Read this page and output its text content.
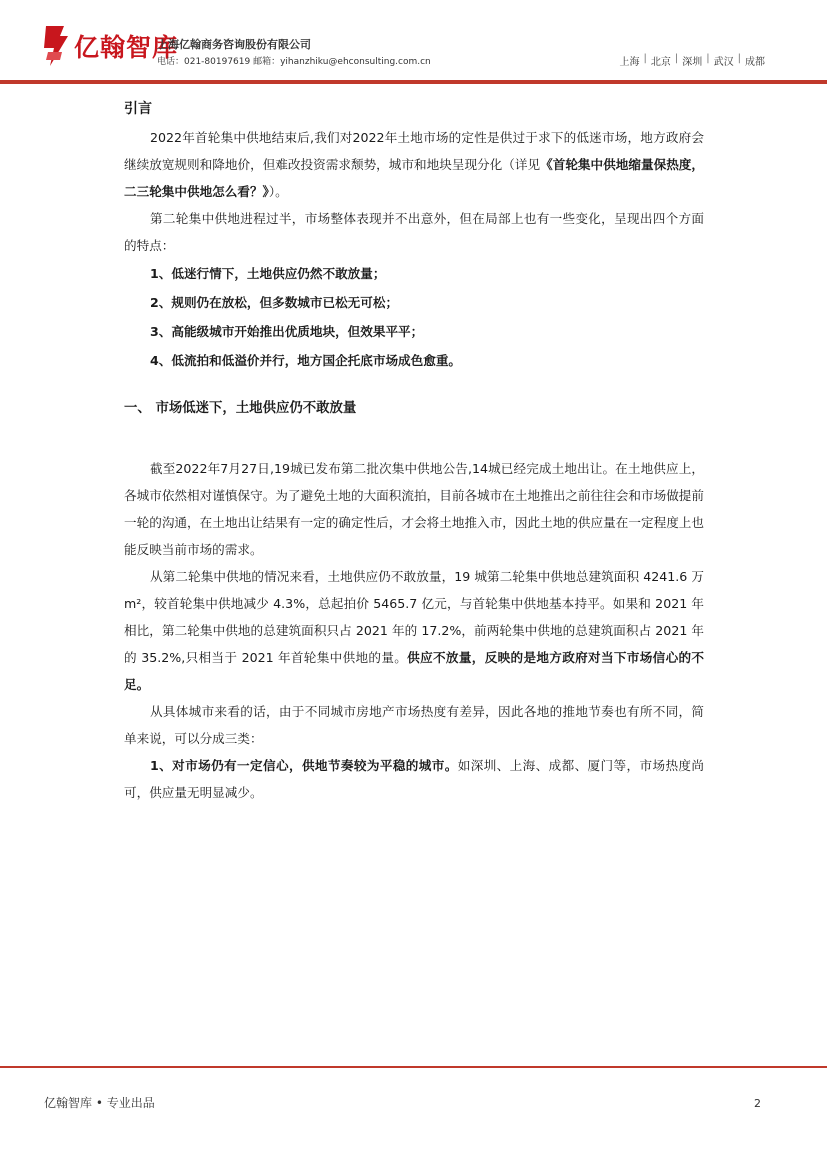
亿翰智库
上海亿翰商务咨询股份有限公司
电话：021-80197619 邮箱：yihanzhiku@ehconsulting.com.cn	上海 | 北京 | 深圳 | 武汉 | 成都
引言

2022年首轮集中供地结束后,我们对2022年土地市场的定性是供过于求下的低迷市场，地方政府会继续放宽规则和降地价，但难改投资需求颓势，城市和地块呈现分化（详见《首轮集中供地缩量保热度，二三轮集中供地怎么看？》）。

第二轮集中供地进程过半，市场整体表现并不出意外，但在局部上也有一些变化，呈现出四个方面的特点：

1、低迷行情下，土地供应仍然不敢放量；

2、规则仍在放松，但多数城市已松无可松；

3、高能级城市开始推出优质地块，但效果平平；

4、低流拍和低溢价并行，地方国企托底市场成色愈重。

一、 市场低迷下，土地供应仍不敢放量

截至2022年7月27日,19城已发布第二批次集中供地公告,14城已经完成土地出让。在土地供应上，各城市依然相对谨慎保守。为了避免土地的大面积流拍，目前各城市在土地推出之前往往会和市场做提前一轮的沟通，在土地出让结果有一定的确定性后，才会将土地推入市，因此土地的供应量在一定程度上也能反映当前市场的需求。

从第二轮集中供地的情况来看，土地供应仍不敢放量，19 城第二轮集中供地总建筑面积 4241.6 万m²，较首轮集中供地减少 4.3%，总起拍价 5465.7 亿元，与首轮集中供地基本持平。如果和 2021 年相比，第二轮集中供地的总建筑面积只占 2021 年的 17.2%，前两轮集中供地的总建筑面积占 2021 年的 35.2%,只相当于 2021 年首轮集中供地的量。供应不放量，反映的是地方政府对当下市场信心的不足。

从具体城市来看的话，由于不同城市房地产市场热度有差异，因此各地的推地节奏也有所不同，简单来说，可以分成三类：

1、对市场仍有一定信心，供地节奏较为平稳的城市。如深圳、上海、成都、厦门等，市场热度尚可，供应量无明显减少。

亿翰智库 • 专业出品	2
